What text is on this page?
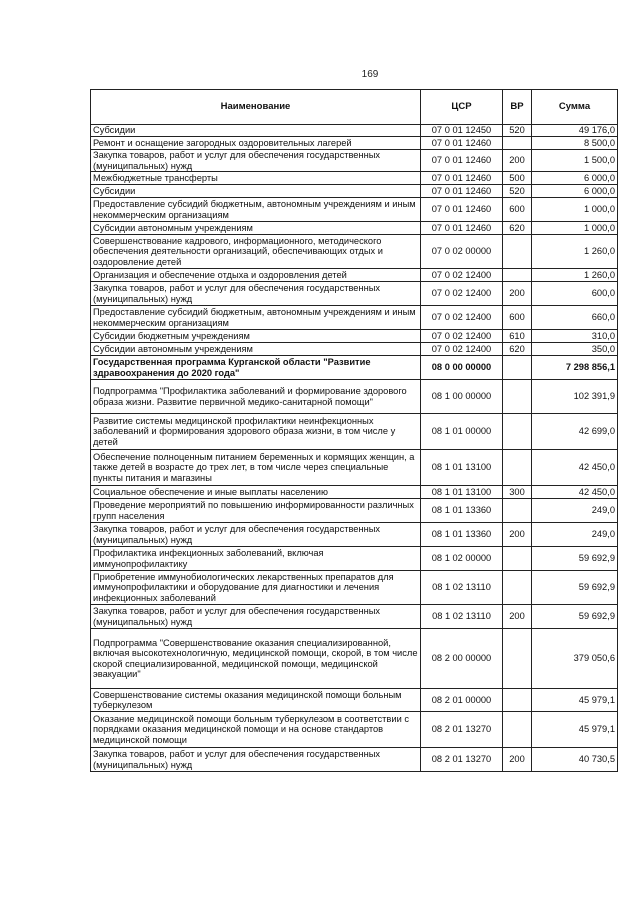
169
Наименование	ЦСР	ВР	Сумма
Субсидии	07 0 01 12450	520	49 176,0
Ремонт и оснащение загородных оздоровительных лагерей	07 0 01 12460		8 500,0
Закупка товаров, работ и услуг для обеспечения государственных (муниципальных) нужд	07 0 01 12460	200	1 500,0
Межбюджетные трансферты	07 0 01 12460	500	6 000,0
Субсидии	07 0 01 12460	520	6 000,0
Предоставление субсидий бюджетным, автономным учреждениям и иным некоммерческим организациям	07 0 01 12460	600	1 000,0
Субсидии автономным учреждениям	07 0 01 12460	620	1 000,0
Совершенствование кадрового, информационного, методического обеспечения деятельности организаций, обеспечивающих отдых и оздоровление детей	07 0 02 00000		1 260,0
Организация и обеспечение отдыха и оздоровления детей	07 0 02 12400		1 260,0
Закупка товаров, работ и услуг для обеспечения государственных (муниципальных) нужд	07 0 02 12400	200	600,0
Предоставление субсидий бюджетным, автономным учреждениям и иным некоммерческим организациям	07 0 02 12400	600	660,0
Субсидии бюджетным учреждениям	07 0 02 12400	610	310,0
Субсидии автономным учреждениям	07 0 02 12400	620	350,0
Государственная программа Курганской области "Развитие здравоохранения до 2020 года"	08 0 00 00000		7 298 856,1
Подпрограмма "Профилактика заболеваний и формирование здорового образа жизни. Развитие первичной медико-санитарной помощи"	08 1 00 00000		102 391,9
Развитие системы медицинской профилактики неинфекционных заболеваний и формирования здорового образа жизни, в том числе у детей	08 1 01 00000		42 699,0
Обеспечение полноценным питанием беременных и кормящих женщин, а также детей в возрасте до трех лет, в том числе через специальные пункты питания и магазины	08 1 01 13100		42 450,0
Социальное обеспечение и иные выплаты населению	08 1 01 13100	300	42 450,0
Проведение мероприятий по повышению информированности различных групп населения	08 1 01 13360		249,0
Закупка товаров, работ и услуг для обеспечения государственных (муниципальных) нужд	08 1 01 13360	200	249,0
Профилактика инфекционных заболеваний, включая иммунопрофилактику	08 1 02 00000		59 692,9
Приобретение иммунобиологических лекарственных препаратов для иммунопрофилактики и оборудование для диагностики и лечения инфекционных заболеваний	08 1 02 13110		59 692,9
Закупка товаров, работ и услуг для обеспечения государственных (муниципальных) нужд	08 1 02 13110	200	59 692,9
Подпрограмма "Совершенствование оказания специализированной, включая высокотехнологичную, медицинской помощи, скорой, в том числе скорой специализированной, медицинской помощи, медицинской эвакуации"	08 2 00 00000		379 050,6
Совершенствование системы оказания медицинской помощи больным туберкулезом	08 2 01 00000		45 979,1
Оказание медицинской помощи больным туберкулезом в соответствии с порядками оказания медицинской помощи и на основе стандартов медицинской помощи	08 2 01 13270		45 979,1
Закупка товаров, работ и услуг для обеспечения государственных (муниципальных) нужд	08 2 01 13270	200	40 730,5
